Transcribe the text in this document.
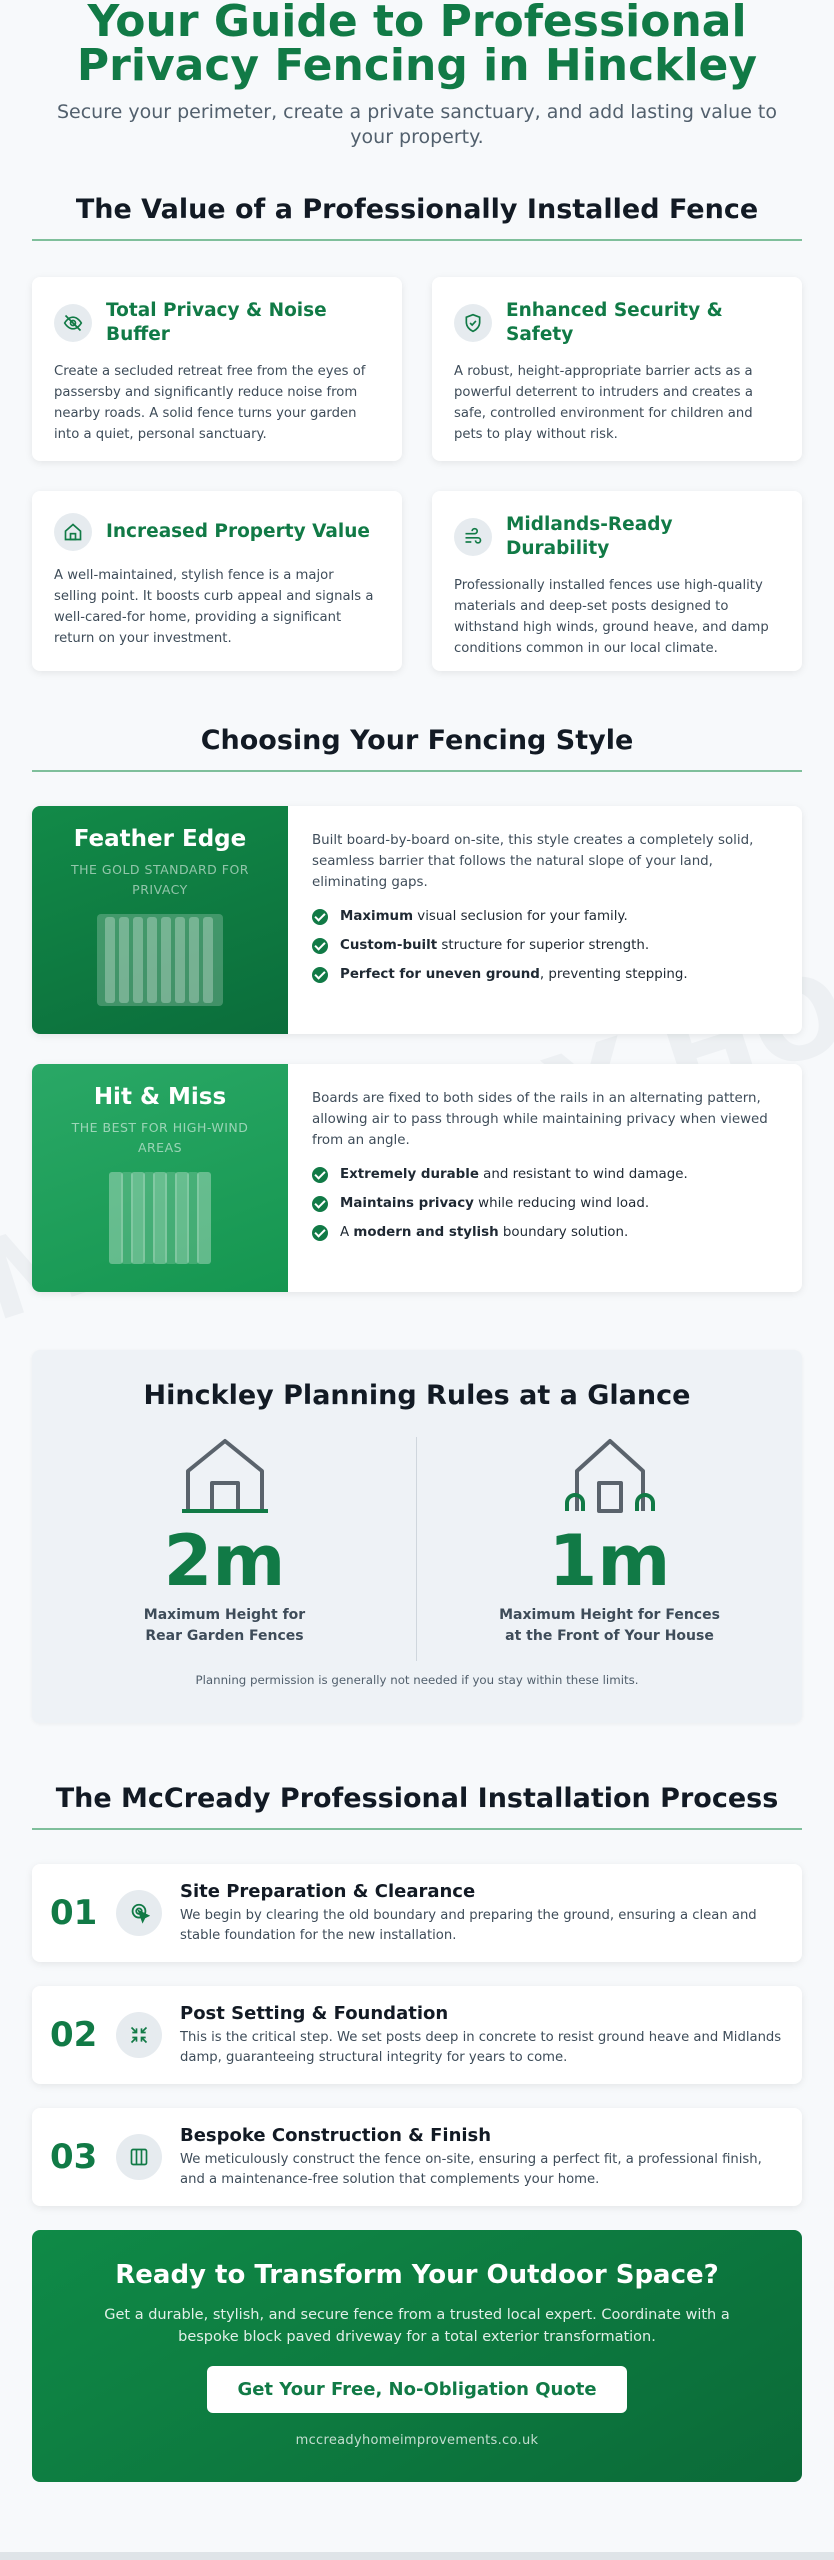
Your Guide to Professional
Privacy Fencing in Hinckley

Secure your perimeter, create a private sanctuary, and add lasting value to your property.

The Value of a Professionally Installed Fence
Total Privacy & Noise Buffer

Create a secluded retreat free from the eyes of passersby and significantly reduce noise from nearby roads. A solid fence turns your garden into a quiet, personal sanctuary.

Enhanced Security & Safety

A robust, height-appropriate barrier acts as a powerful deterrent to intruders and creates a safe, controlled environment for children and pets to play without risk.

Increased Property Value

A well-maintained, stylish fence is a major selling point. It boosts curb appeal and signals a well-cared-for home, providing a significant return on your investment.

Midlands-Ready Durability

Professionally installed fences use high-quality materials and deep-set posts designed to withstand high winds, ground heave, and damp conditions common in our local climate.

Choosing Your Fencing Style
Feather Edge
THE GOLD STANDARD FOR PRIVACY

Built board-by-board on-site, this style creates a completely solid, seamless barrier that follows the natural slope of your land, eliminating gaps.

Maximum visual seclusion for your family.
Custom-built structure for superior strength.
Perfect for uneven ground, preventing stepping.
Hit & Miss
THE BEST FOR HIGH-WIND AREAS

Boards are fixed to both sides of the rails in an alternating pattern, allowing air to pass through while maintaining privacy when viewed from an angle.

Extremely durable and resistant to wind damage.
Maintains privacy while reducing wind load.
A modern and stylish boundary solution.
Hinckley Planning Rules at a Glance
2m
Maximum Height for
Rear Garden Fences
1m
Maximum Height for Fences
at the Front of Your House
Planning permission is generally not needed if you stay within these limits.
The McCready Professional Installation Process
01
Site Preparation & Clearance

We begin by clearing the old boundary and preparing the ground, ensuring a clean and stable foundation for the new installation.

02
Post Setting & Foundation

This is the critical step. We set posts deep in concrete to resist ground heave and Midlands damp, guaranteeing structural integrity for years to come.

03
Bespoke Construction & Finish

We meticulously construct the fence on-site, ensuring a perfect fit, a professional finish, and a maintenance-free solution that complements your home.

Ready to Transform Your Outdoor Space?

Get a durable, stylish, and secure fence from a trusted local expert. Coordinate with a bespoke block paved driveway for a total exterior transformation.

Get Your Free, No-Obligation Quote
mccreadyhomeimprovements.co.uk
